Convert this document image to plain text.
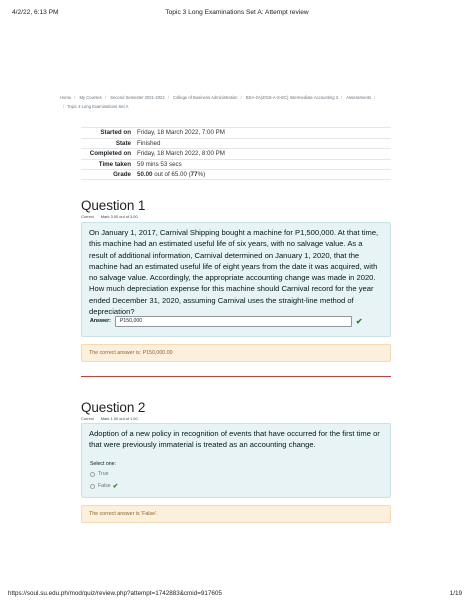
4/2/22, 6:13 PM	Topic 3 Long Examinations Set A: Attempt review
Home / My Courses / Second Semester 2021-2022 / College of Business Administration / BSA-2A(2018-A-S-EC) Intermediate Accounting 3 / Assessments /
/ Topic 3 Long Examinations Set A
Started on Friday, 18 March 2022, 7:00 PM
State Finished
Completed on Friday, 18 March 2022, 8:00 PM
Time taken 59 mins 53 secs
Grade 50.00 out of 65.00 (77%)
Question 1
Correct Mark 3.00 out of 3.00
On January 1, 2017, Carnival Shipping bought a machine for P1,500,000. At that time, this machine had an estimated useful life of six years, with no salvage value. As a result of additional information, Carnival determined on January 1, 2020, that the machine had an estimated useful life of eight years from the date it was acquired, with no salvage value. Accordingly, the appropriate accounting change was made in 2020. How much depreciation expense for this machine should Carnival record for the year ended December 31, 2020, assuming Carnival uses the straight-line method of depreciation?
Answer:	P150,000	✔
The correct answer is: P150,000.00
Question 2
Correct Mark 1.00 out of 1.00
Adoption of a new policy in recognition of events that have occurred for the first time or that were previously immaterial is treated as an accounting change.
Select one:
True
False ✔
The correct answer is 'False'.
https://soul.su.edu.ph/mod/quiz/review.php?attempt=1742883&cmid=917605	1/19
